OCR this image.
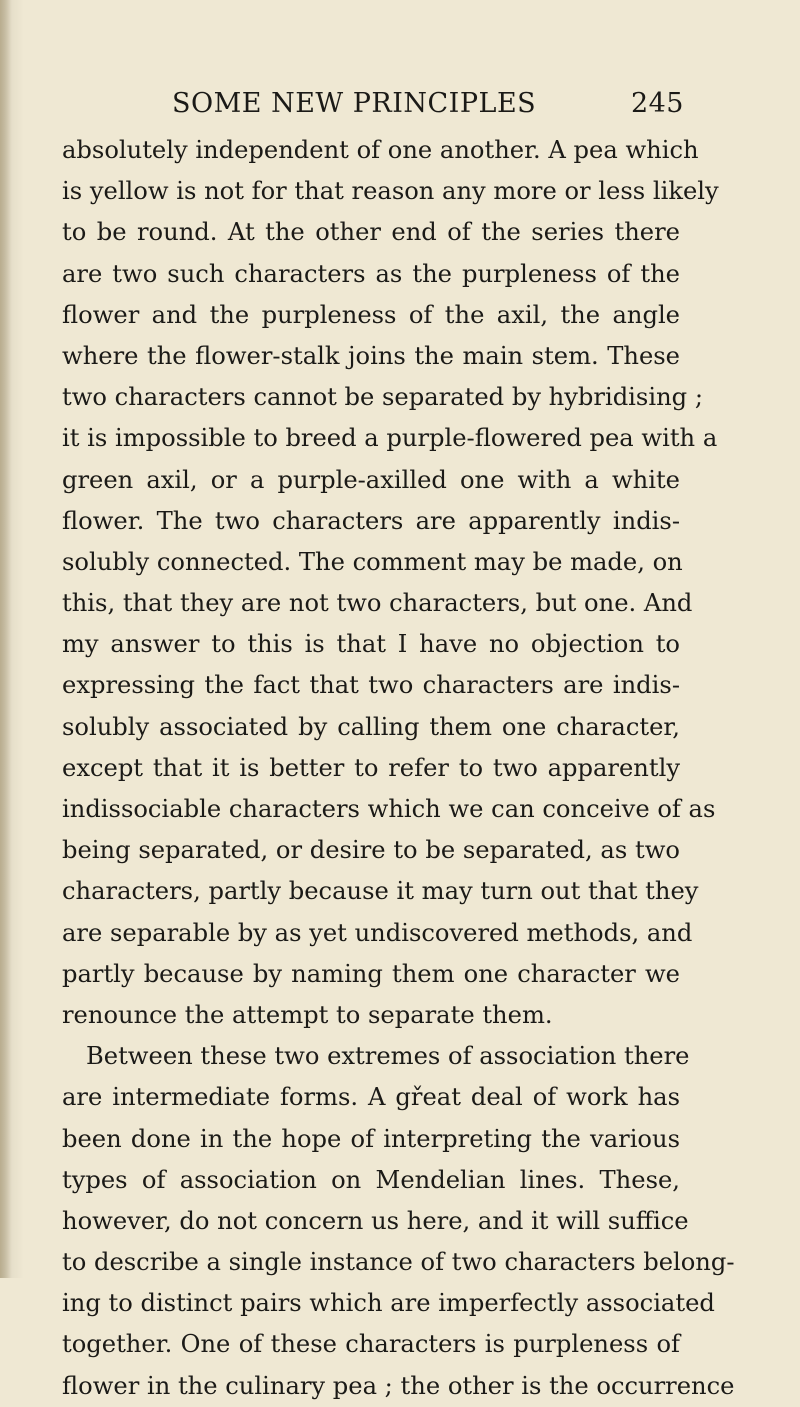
SOME NEW PRINCIPLES	245
absolutely independent of one another. A pea which
is yellow is not for that reason any more or less likely
to be round. At the other end of the series there
are two such characters as the purpleness of the
flower and the purpleness of the axil, the angle
where the flower-stalk joins the main stem. These
two characters cannot be separated by hybridising ;
it is impossible to breed a purple-flowered pea with a
green axil, or a purple-axilled one with a white
flower. The two characters are apparently indis-
solubly connected. The comment may be made, on
this, that they are not two characters, but one. And
my answer to this is that I have no objection to
expressing the fact that two characters are indis-
solubly associated by calling them one character,
except that it is better to refer to two apparently
indissociable characters which we can conceive of as
being separated, or desire to be separated, as two
characters, partly because it may turn out that they
are separable by as yet undiscovered methods, and
partly because by naming them one character we
renounce the attempt to separate them.
Between these two extremes of association there
are intermediate forms. A gřeat deal of work has
been done in the hope of interpreting the various
types of association on Mendelian lines. These,
however, do not concern us here, and it will suffice
to describe a single instance of two characters belong-
ing to distinct pairs which are imperfectly associated
together. One of these characters is purpleness of
flower in the culinary pea ; the other is the occurrence
